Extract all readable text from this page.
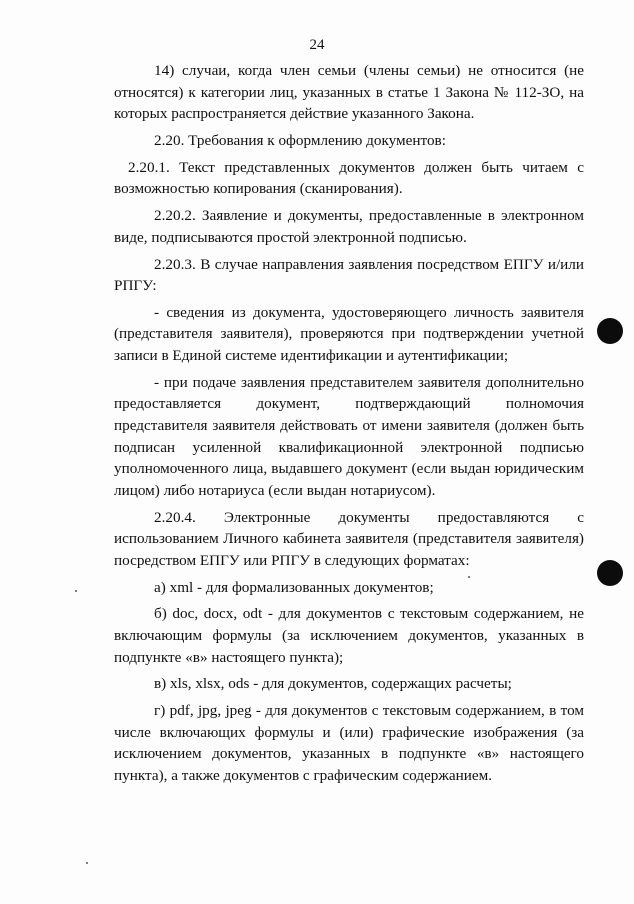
24

14) случаи, когда член семьи (члены семьи) не относится (не относятся) к категории лиц, указанных в статье 1 Закона № 112-ЗО, на которых распространяется действие указанного Закона.

2.20. Требования к оформлению документов:

2.20.1. Текст представленных документов должен быть читаем с возможностью копирования (сканирования).

2.20.2. Заявление и документы, предоставленные в электронном виде, подписываются простой электронной подписью.

2.20.3. В случае направления заявления посредством ЕПГУ и/или РПГУ:

- сведения из документа, удостоверяющего личность заявителя (представителя заявителя), проверяются при подтверждении учетной записи в Единой системе идентификации и аутентификации;

- при подаче заявления представителем заявителя дополнительно предоставляется документ, подтверждающий полномочия представителя заявителя действовать от имени заявителя (должен быть подписан усиленной квалификационной электронной подписью уполномоченного лица, выдавшего документ (если выдан юридическим лицом) либо нотариуса (если выдан нотариусом).

2.20.4. Электронные документы предоставляются с использованием Личного кабинета заявителя (представителя заявителя) посредством ЕПГУ или РПГУ в следующих форматах:

а) xml - для формализованных документов;

б) doc, docx, odt - для документов с текстовым содержанием, не включающим формулы (за исключением документов, указанных в подпункте «в» настоящего пункта);

в) xls, xlsx, ods - для документов, содержащих расчеты;

г) pdf, jpg, jpeg - для документов с текстовым содержанием, в том числе включающих формулы и (или) графические изображения (за исключением документов, указанных в подпункте «в» настоящего пункта), а также документов с графическим содержанием.
